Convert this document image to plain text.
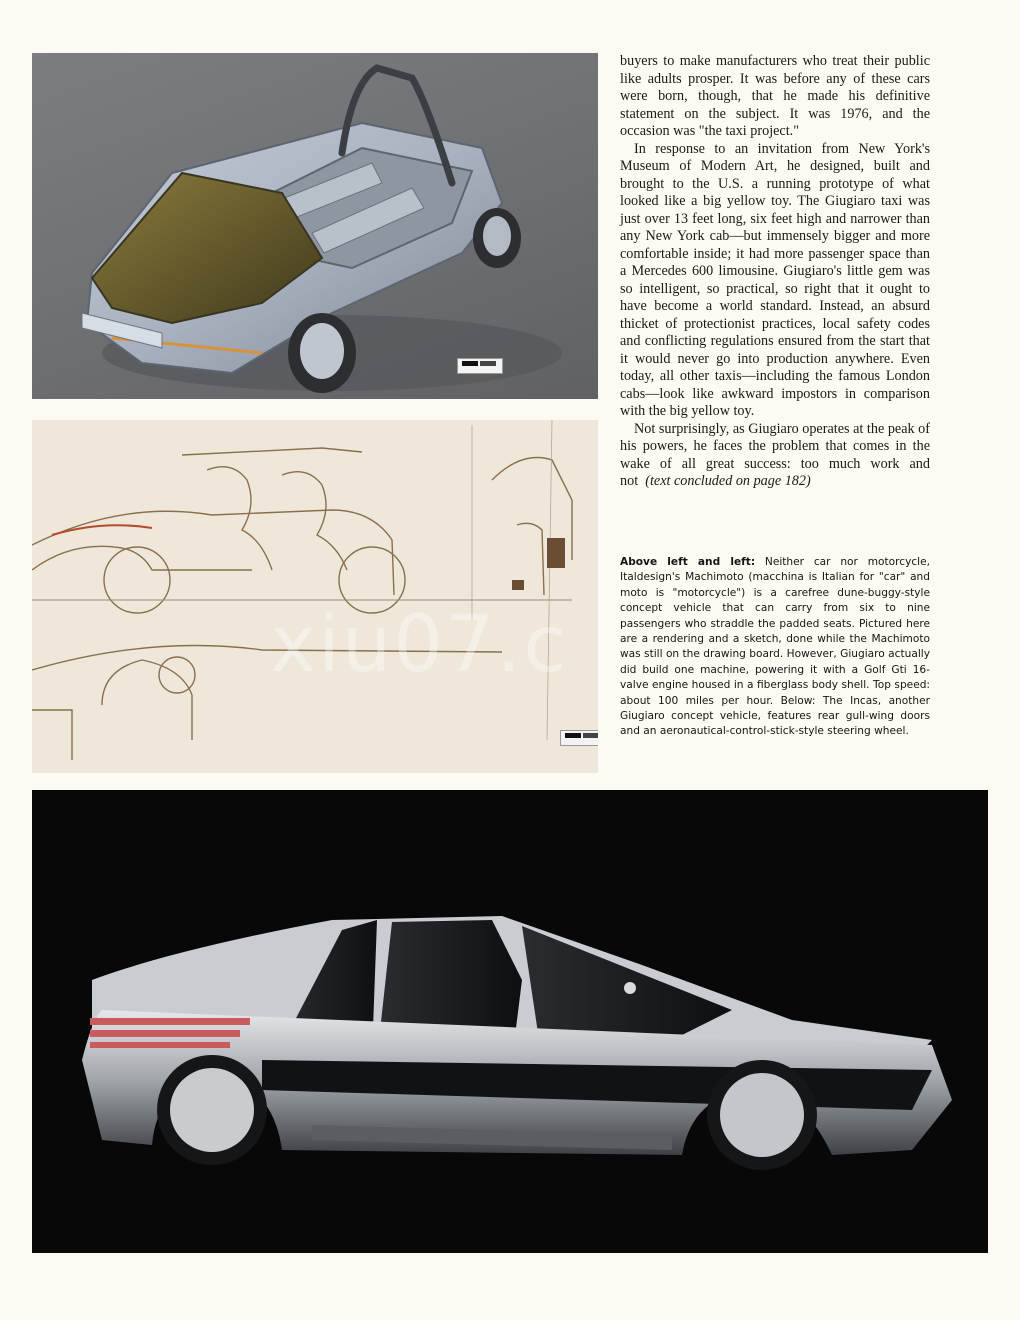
buyers to make manufacturers who treat their public like adults prosper. It was before any of these cars were born, though, that he made his definitive statement on the subject. It was 1976, and the occasion was "the taxi project."

In response to an invitation from New York's Museum of Modern Art, he designed, built and brought to the U.S. a running prototype of what looked like a big yellow toy. The Giugiaro taxi was just over 13 feet long, six feet high and narrower than any New York cab—but immensely bigger and more comfortable inside; it had more passenger space than a Mercedes 600 limousine. Giugiaro's little gem was so intelligent, so practical, so right that it ought to have become a world standard. Instead, an absurd thicket of protectionist practices, local safety codes and conflicting regulations ensured from the start that it would never go into production anywhere. Even today, all other taxis—including the famous London cabs—look like awkward impostors in comparison with the big yellow toy.

Not surprisingly, as Giugiaro operates at the peak of his powers, he faces the problem that comes in the wake of all great success: too much work and not (text concluded on page 182)

Above left and left: Neither car nor motorcycle, Italdesign's Machimoto (macchina is Italian for "car" and moto is "motorcycle") is a carefree dune-buggy-style concept vehicle that can carry from six to nine passengers who straddle the padded seats. Pictured here are a rendering and a sketch, done while the Machimoto was still on the drawing board. However, Giugiaro actually did build one machine, powering it with a Golf Gti 16-valve engine housed in a fiberglass body shell. Top speed: about 100 miles per hour. Below: The Incas, another Giugiaro concept vehicle, features rear gull-wing doors and an aeronautical-control-stick-style steering wheel.
xiu07.c
